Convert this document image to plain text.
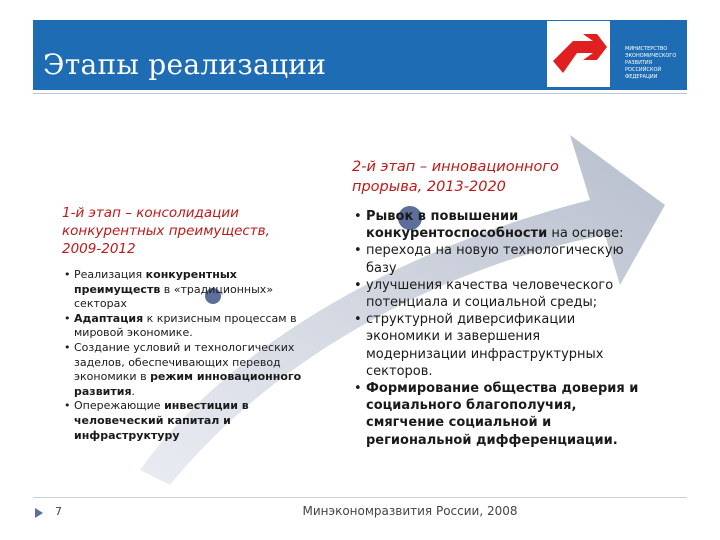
Этапы реализации	МИНИСТЕРСТВО
ЭКОНОМИЧЕСКОГО
РАЗВИТИЯ
РОССИЙСКОЙ
ФЕДЕРАЦИИ
1-й этап – консолидации конкурентных преимуществ, 2009-2012
• Реализация конкурентных преимуществ в «традиционных» секторах
• Адаптация к кризисным процессам в мировой экономике.
• Создание условий и технологических заделов, обеспечивающих перевод экономики в режим инновационного развития.
• Опережающие инвестиции в человеческий капитал и инфраструктуру
2-й этап – инновационного прорыва, 2013-2020
• Рывок в повышении конкурентоспособности на основе:
• перехода на новую технологическую базу
• улучшения качества человеческого потенциала и социальной среды;
• структурной диверсификации экономики и завершения модернизации инфраструктурных секторов.
• Формирование общества доверия и социального благополучия, смягчение социальной и региональной дифференциации.
7	Минэкономразвития России, 2008
